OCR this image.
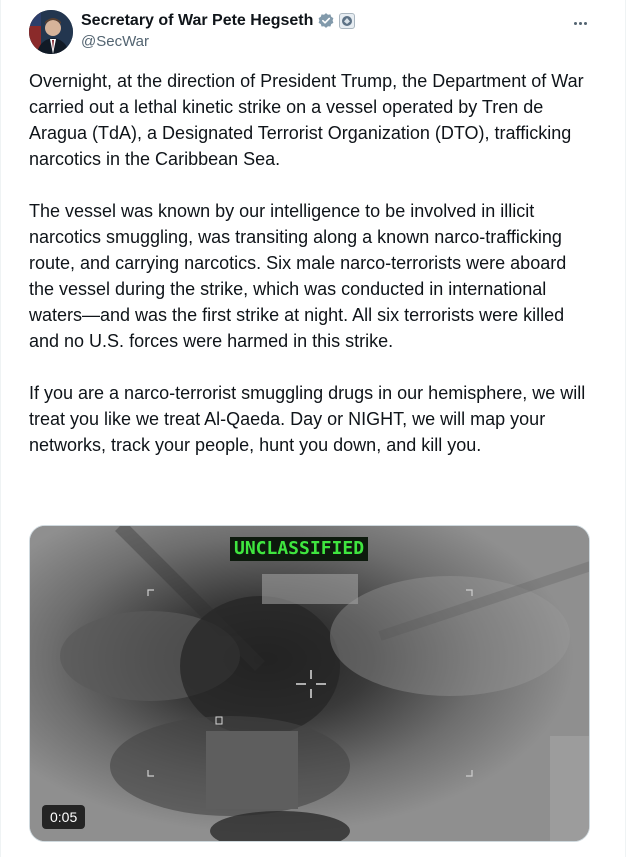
Secretary of War Pete Hegseth
@SecWar

Overnight, at the direction of President Trump, the Department of War carried out a lethal kinetic strike on a vessel operated by Tren de Aragua (TdA), a Designated Terrorist Organization (DTO), trafficking narcotics in the Caribbean Sea.

The vessel was known by our intelligence to be involved in illicit narcotics smuggling, was transiting along a known narco-trafficking route, and carrying narcotics. Six male narco-terrorists were aboard the vessel during the strike, which was conducted in international waters—and was the first strike at night. All six terrorists were killed and no U.S. forces were harmed in this strike.

If you are a narco-terrorist smuggling drugs in our hemisphere, we will treat you like we treat Al-Qaeda. Day or NIGHT, we will map your networks, track your people, hunt you down, and kill you.

UNCLASSIFIED
0:05
